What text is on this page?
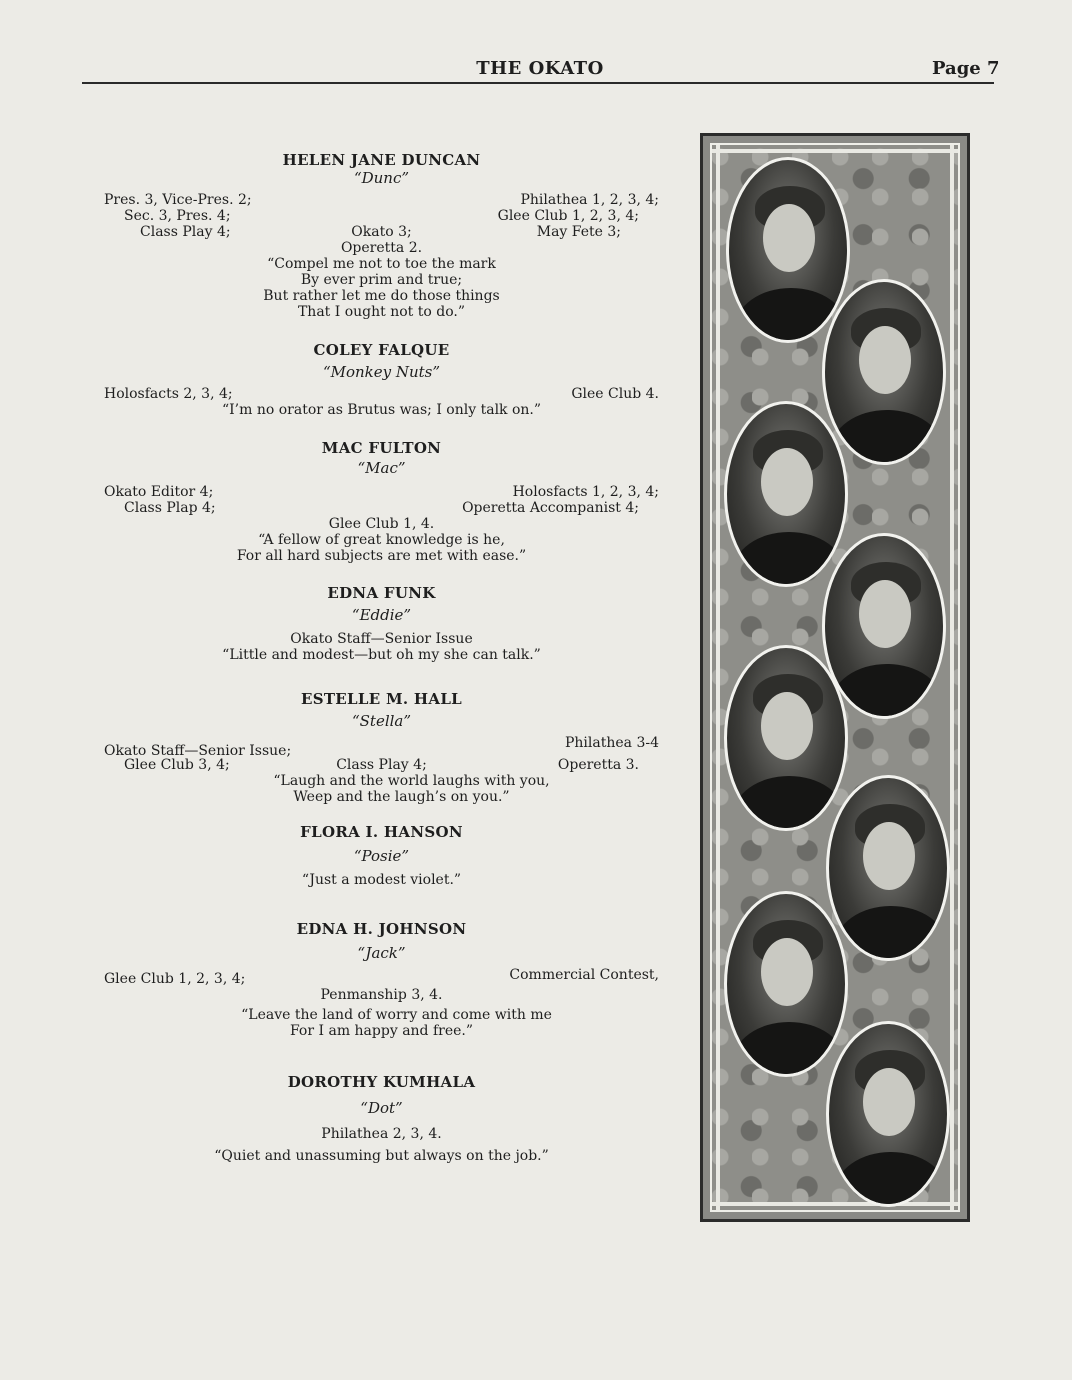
THE OKATO	Page 7
HELEN JANE DUNCAN
“Dunc”
Pres. 3, Vice-Pres. 2;	Philathea 1, 2, 3, 4;
Sec. 3, Pres. 4;	Glee Club 1, 2, 3, 4;
Class Play 4;	Okato 3;	May Fete 3;
Operetta 2.
“Compel me not to toe the mark
By ever prim and true;
But rather let me do those things
That I ought not to do.”
COLEY FALQUE
“Monkey Nuts”
Holosfacts 2, 3, 4;	Glee Club 4.
“I’m no orator as Brutus was; I only talk on.”
MAC FULTON
“Mac”
Okato Editor 4;	Holosfacts 1, 2, 3, 4;
Class Plap 4;	Operetta Accompanist 4;
Glee Club 1, 4.
“A fellow of great knowledge is he,
For all hard subjects are met with ease.”
EDNA FUNK
“Eddie”
Okato Staff—Senior Issue
“Little and modest—but oh my she can talk.”
ESTELLE M. HALL
“Stella”
Okato Staff—Senior Issue;	Philathea 3-4
Glee Club 3, 4;	Class Play 4;	Operetta 3.
“Laugh and the world laughs with you,
Weep and the laugh’s on you.”
FLORA I. HANSON
“Posie”
“Just a modest violet.”
EDNA H. JOHNSON
“Jack”
Glee Club 1, 2, 3, 4;	Commercial Contest,
Penmanship 3, 4.
“Leave the land of worry and come with me
For I am happy and free.”
DOROTHY KUMHALA
“Dot”
Philathea 2, 3, 4.
“Quiet and unassuming but always on the job.”
